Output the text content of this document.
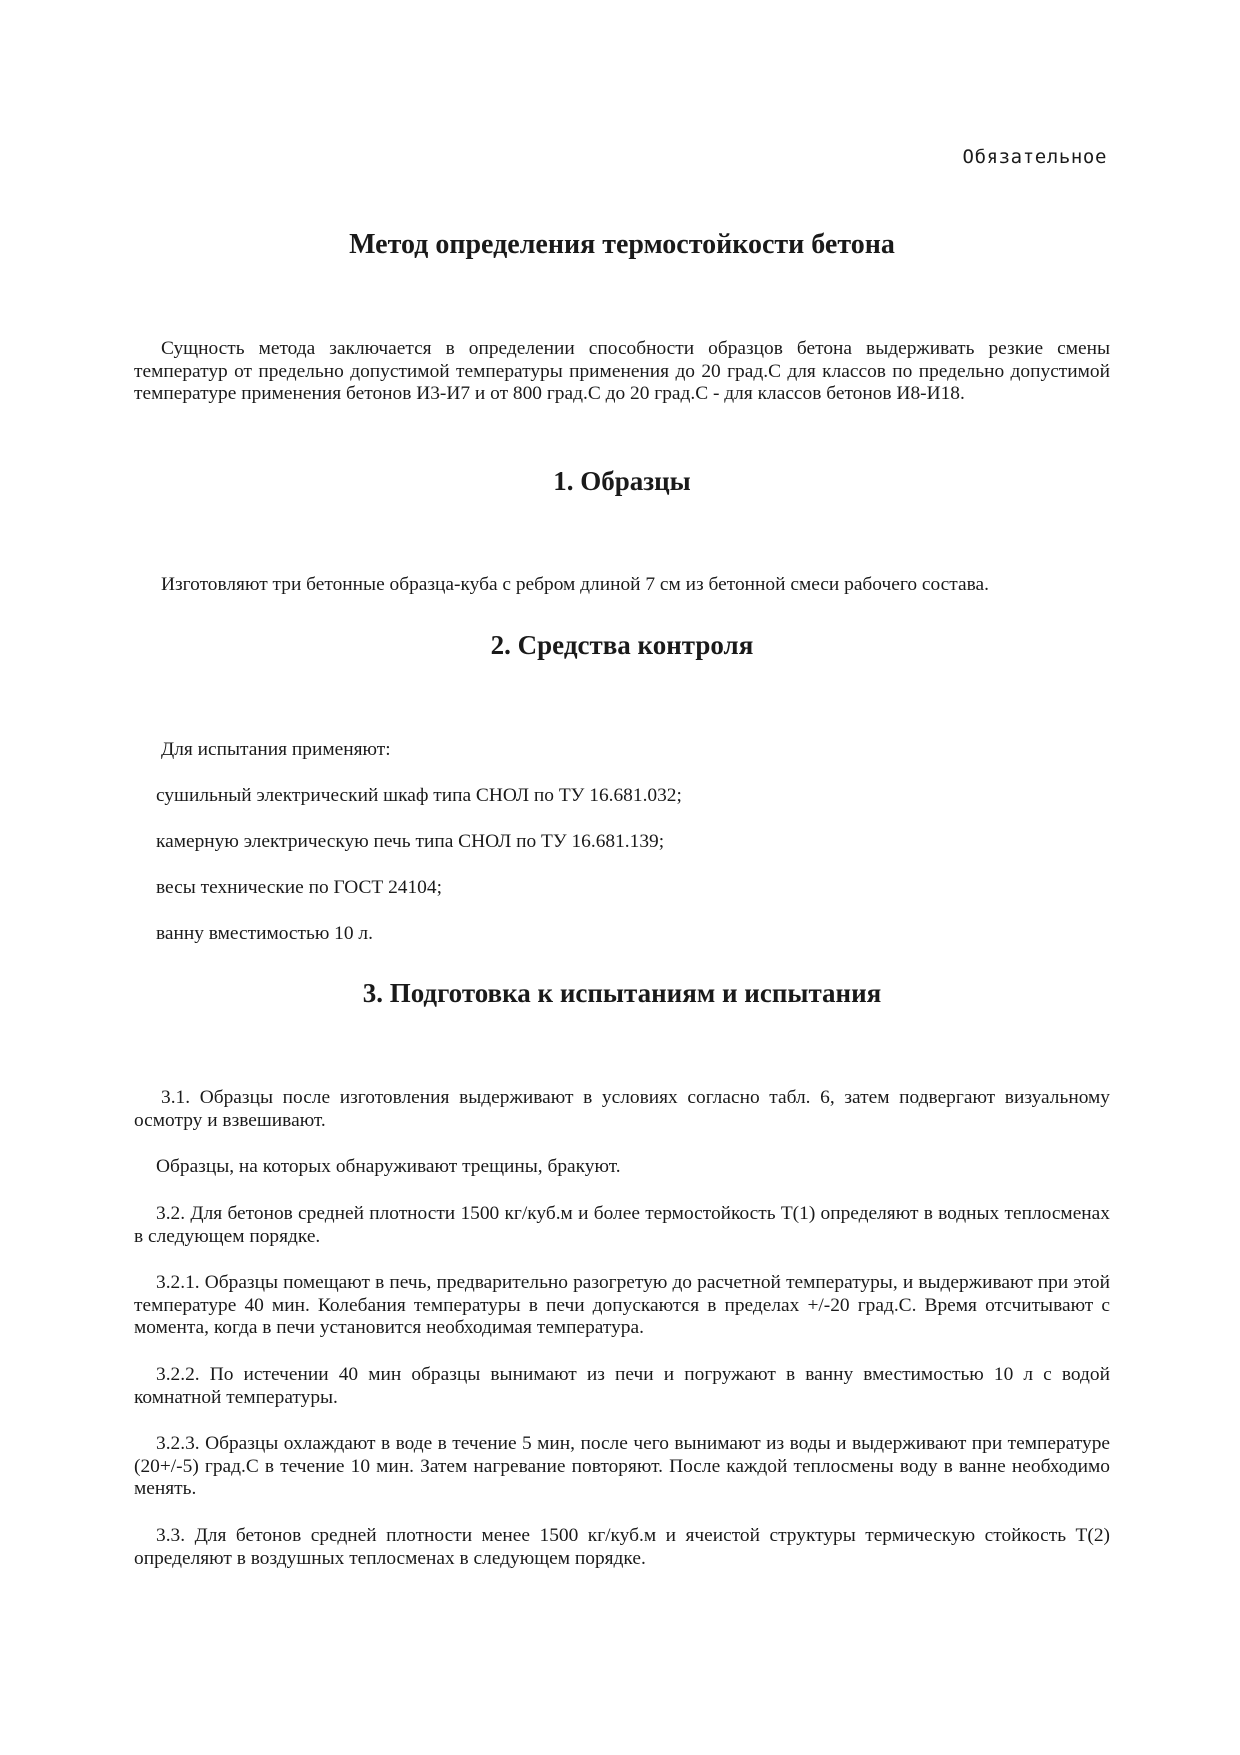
Обязательное

Метод определения термостойкости бетона

Сущность метода заключается в определении способности образцов бетона выдерживать резкие смены температур от предельно допустимой температуры применения до 20 град.С для классов по предельно допустимой температуре применения бетонов И3-И7 и от 800 град.С до 20 град.С - для классов бетонов И8-И18.

1. Образцы

Изготовляют три бетонные образца-куба с ребром длиной 7 см из бетонной смеси рабочего состава.

2. Средства контроля

Для испытания применяют:

сушильный электрический шкаф типа СНОЛ по ТУ 16.681.032;

камерную электрическую печь типа СНОЛ по ТУ 16.681.139;

весы технические по ГОСТ 24104;

ванну вместимостью 10 л.

3. Подготовка к испытаниям и испытания

3.1. Образцы после изготовления выдерживают в условиях согласно табл. 6, затем подвергают визуальному осмотру и взвешивают.

Образцы, на которых обнаруживают трещины, бракуют.

3.2. Для бетонов средней плотности 1500 кг/куб.м и более термостойкость T(1) определяют в водных теплосменах в следующем порядке.

3.2.1. Образцы помещают в печь, предварительно разогретую до расчетной температуры, и выдерживают при этой температуре 40 мин. Колебания температуры в печи допускаются в пределах +/-20 град.С. Время отсчитывают с момента, когда в печи установится необходимая температура.

3.2.2. По истечении 40 мин образцы вынимают из печи и погружают в ванну вместимостью 10 л с водой комнатной температуры.

3.2.3. Образцы охлаждают в воде в течение 5 мин, после чего вынимают из воды и выдерживают при температуре (20+/-5) град.С в течение 10 мин. Затем нагревание повторяют. После каждой теплосмены воду в ванне необходимо менять.

3.3. Для бетонов средней плотности менее 1500 кг/куб.м и ячеистой структуры термическую стойкость T(2) определяют в воздушных теплосменах в следующем порядке.
